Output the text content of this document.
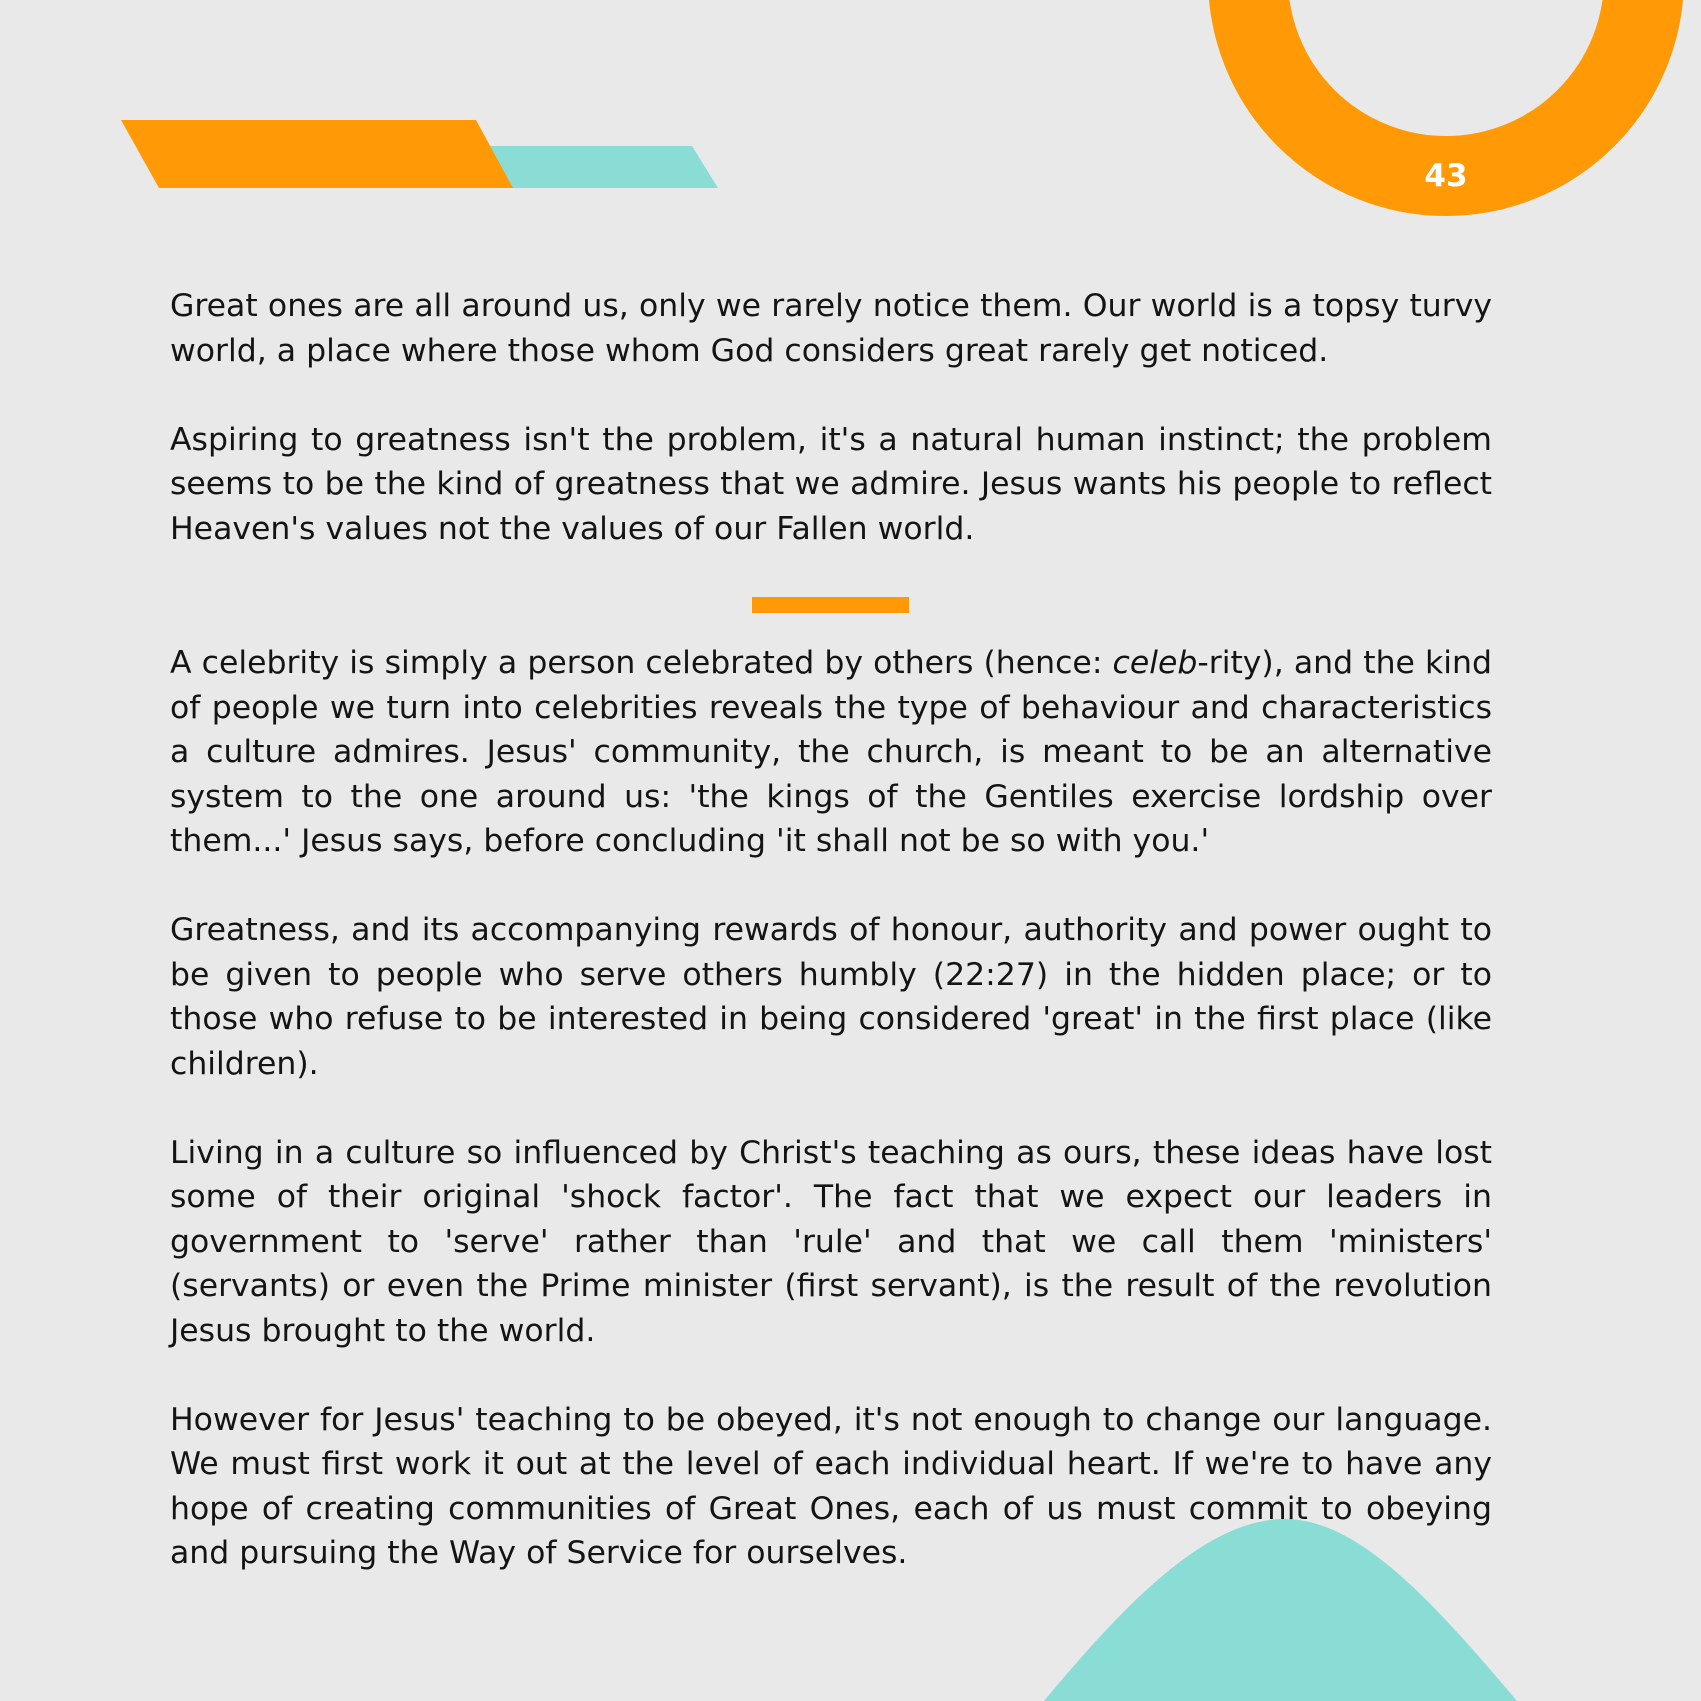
43

Great ones are all around us, only we rarely notice them. Our world is a topsy turvy world, a place where those whom God considers great rarely get noticed.

Aspiring to greatness isn't the problem, it's a natural human instinct; the problem seems to be the kind of greatness that we admire. Jesus wants his people to reflect Heaven's values not the values of our Fallen world.

A celebrity is simply a person celebrated by others (hence: celeb-rity), and the kind of people we turn into celebrities reveals the type of behaviour and characteristics a culture admires. Jesus' community, the church, is meant to be an alternative system to the one around us: 'the kings of the Gentiles exercise lordship over them...' Jesus says, before concluding 'it shall not be so with you.'

Greatness, and its accompanying rewards of honour, authority and power ought to be given to people who serve others humbly (22:27) in the hidden place; or to those who refuse to be interested in being considered 'great' in the first place (like children).

Living in a culture so influenced by Christ's teaching as ours, these ideas have lost some of their original 'shock factor'. The fact that we expect our leaders in government to 'serve' rather than 'rule' and that we call them 'ministers' (servants) or even the Prime minister (first servant), is the result of the revolution Jesus brought to the world.

However for Jesus' teaching to be obeyed, it's not enough to change our language. We must first work it out at the level of each individual heart. If we're to have any hope of creating communities of Great Ones, each of us must commit to obeying and pursuing the Way of Service for ourselves.
